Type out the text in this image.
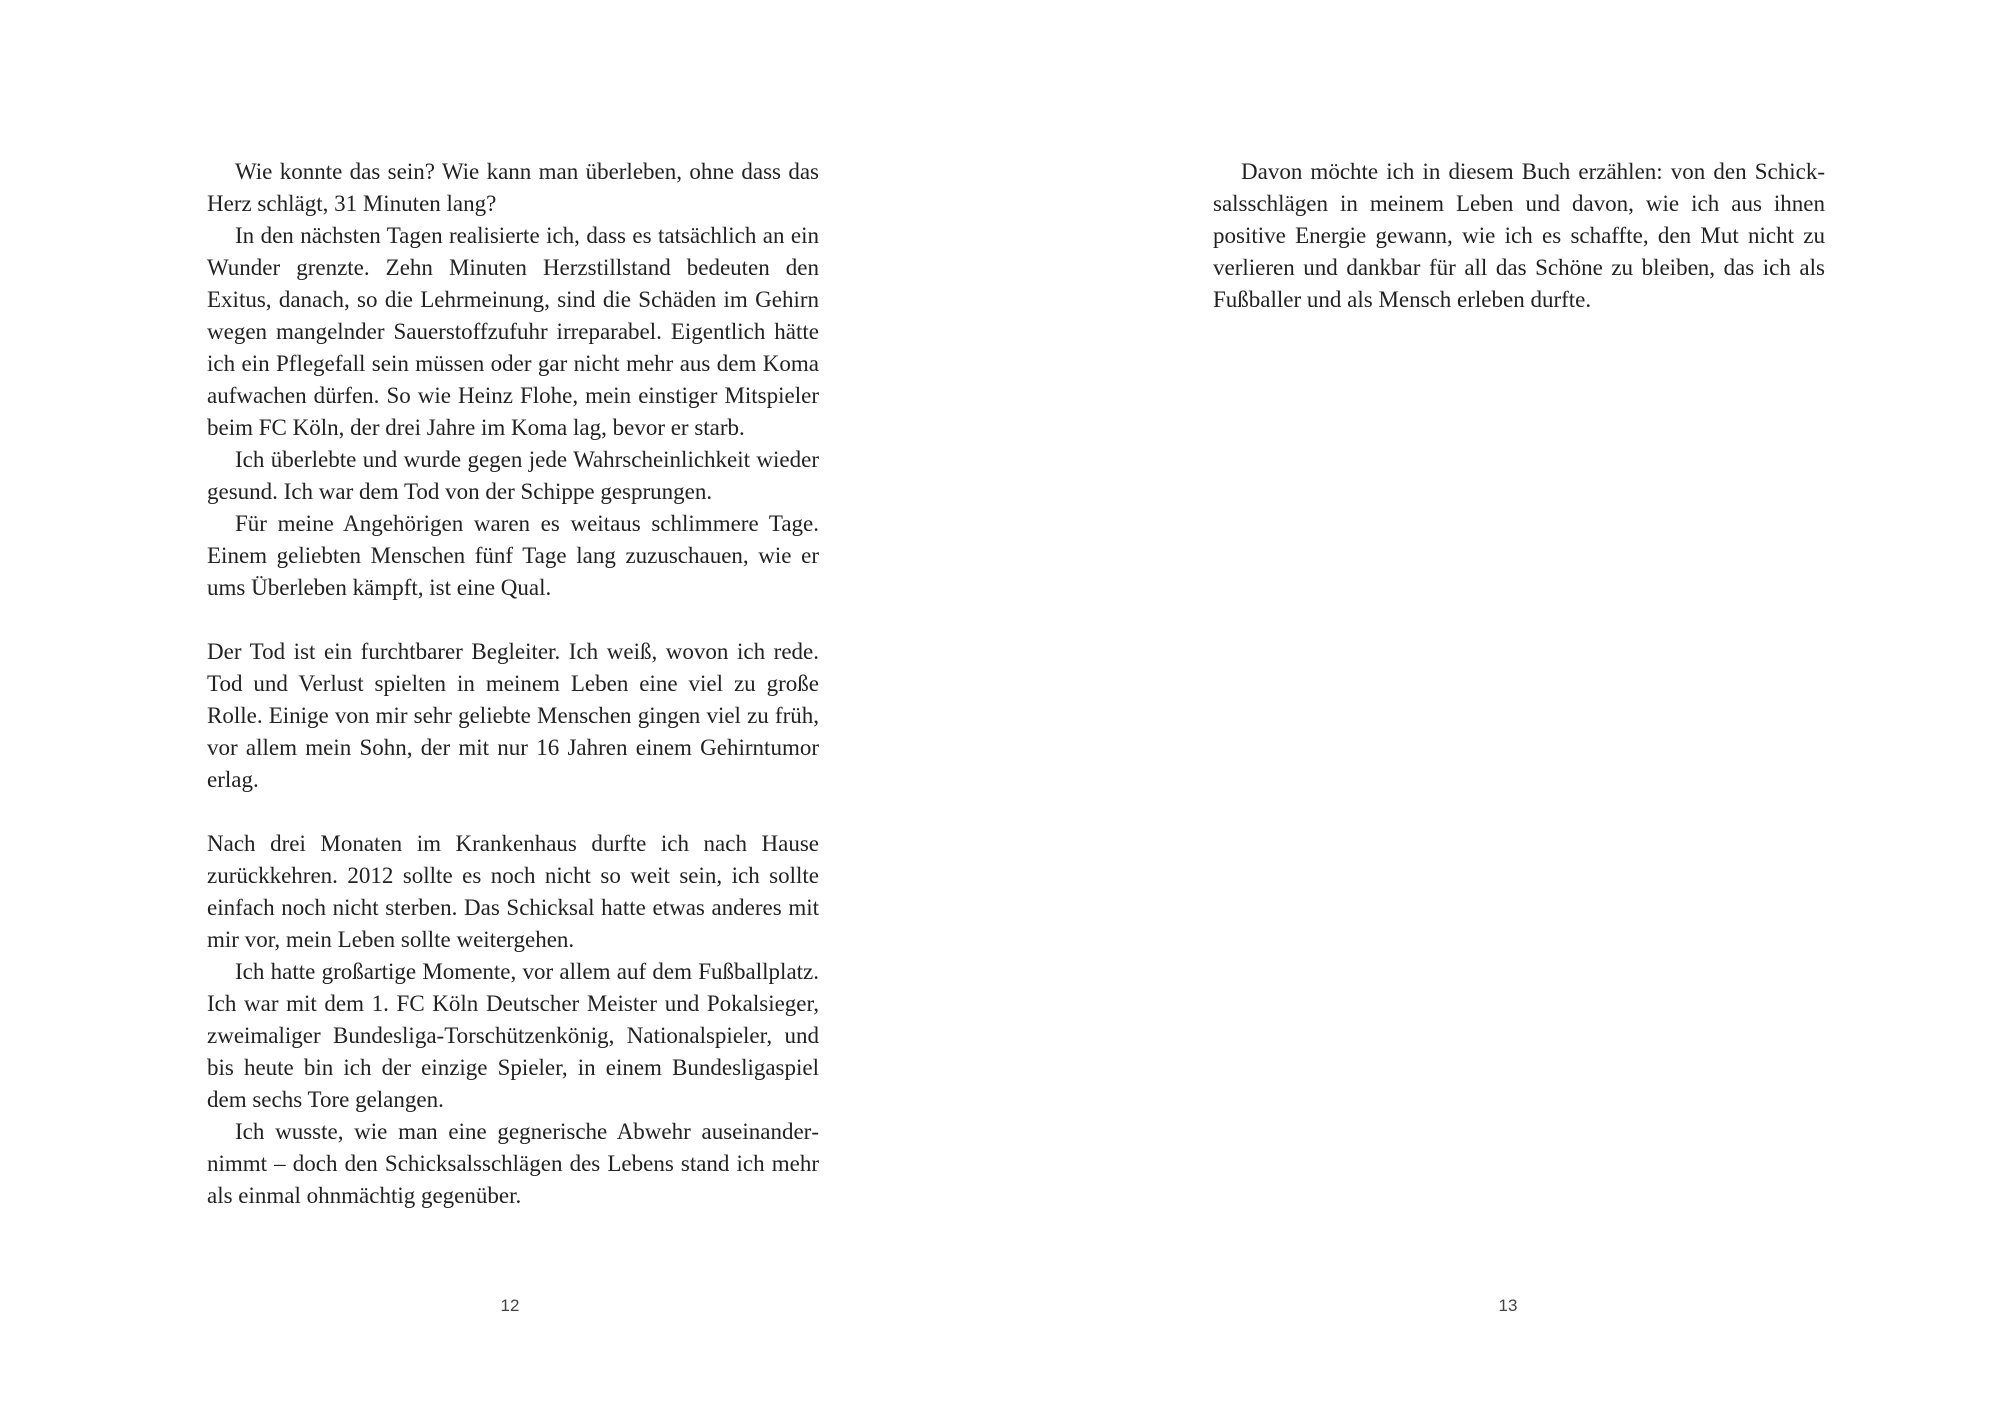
Wie konnte das sein? Wie kann man überleben, ohne dass das Herz schlägt, 31 Minuten lang?

In den nächsten Tagen realisierte ich, dass es tatsächlich an ein Wunder grenzte. Zehn Minuten Herzstillstand bedeuten den Exitus, danach, so die Lehrmeinung, sind die Schäden im Gehirn wegen mangelnder Sauerstoffzufuhr irreparabel. Eigentlich hätte ich ein Pflegefall sein müssen oder gar nicht mehr aus dem Koma aufwachen dürfen. So wie Heinz Flohe, mein einstiger Mitspieler beim FC Köln, der drei Jahre im Koma lag, bevor er starb.

Ich überlebte und wurde gegen jede Wahrscheinlichkeit wieder gesund. Ich war dem Tod von der Schippe gesprungen.

Für meine Angehörigen waren es weitaus schlimmere Tage. Einem geliebten Menschen fünf Tage lang zuzuschauen, wie er ums Überleben kämpft, ist eine Qual.

Der Tod ist ein furchtbarer Begleiter. Ich weiß, wovon ich rede. Tod und Verlust spielten in meinem Leben eine viel zu große Rolle. Einige von mir sehr geliebte Menschen gingen viel zu früh, vor allem mein Sohn, der mit nur 16 Jahren einem Gehirntumor erlag.

Nach drei Monaten im Krankenhaus durfte ich nach Hause zurückkehren. 2012 sollte es noch nicht so weit sein, ich sollte einfach noch nicht sterben. Das Schicksal hatte etwas anderes mit mir vor, mein Leben sollte weitergehen.

Ich hatte großartige Momente, vor allem auf dem Fußballplatz. Ich war mit dem 1. FC Köln Deutscher Meister und Pokalsieger, zweimaliger Bundesliga-Torschützenkönig, Nationalspieler, und bis heute bin ich der einzige Spieler, in einem Bundesligaspiel dem sechs Tore gelangen.

Ich wusste, wie man eine gegnerische Abwehr auseinandernimmt – doch den Schicksalsschlägen des Lebens stand ich mehr als einmal ohnmächtig gegenüber.

12

Davon möchte ich in diesem Buch erzählen: von den Schicksalsschlägen in meinem Leben und davon, wie ich aus ihnen positive Energie gewann, wie ich es schaffte, den Mut nicht zu verlieren und dankbar für all das Schöne zu bleiben, das ich als Fußballer und als Mensch erleben durfte.

13
